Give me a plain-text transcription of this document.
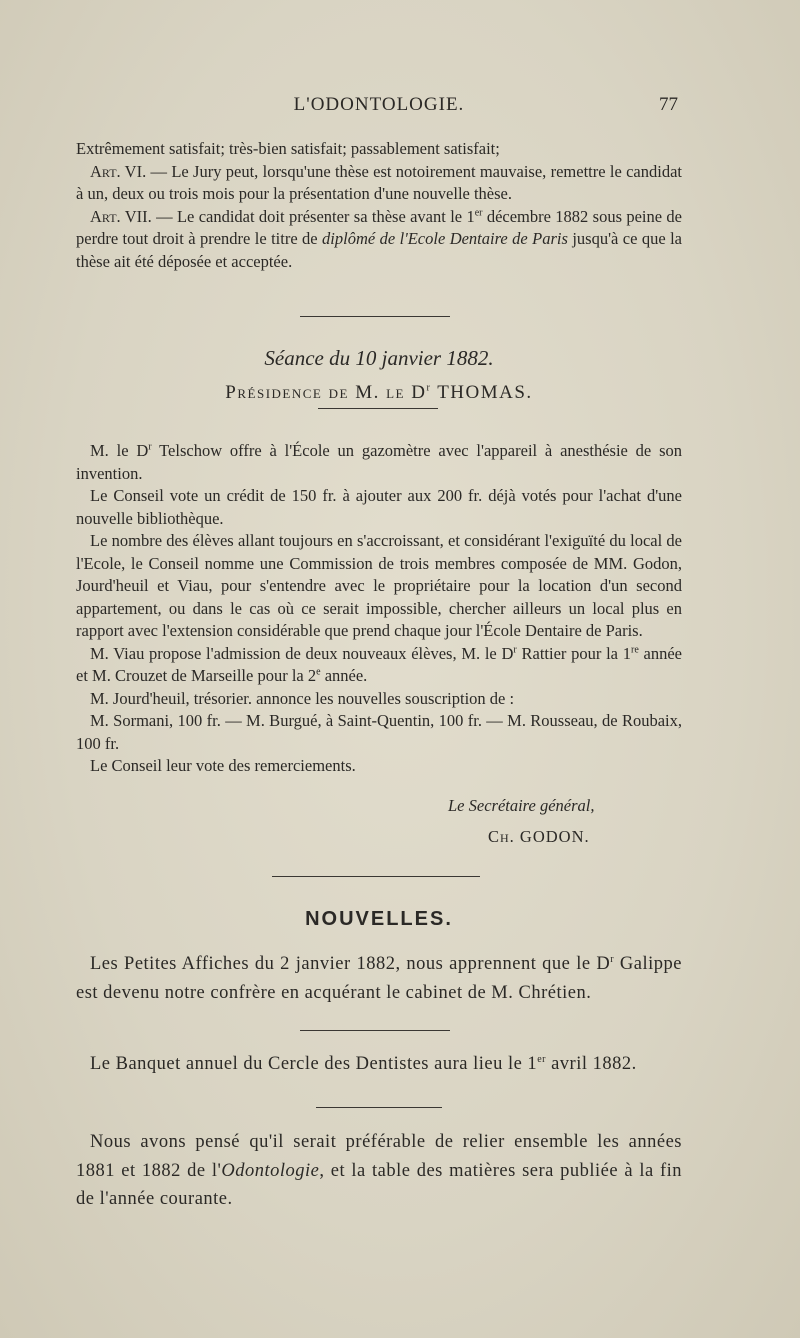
L'ODONTOLOGIE.	77

Extrêmement satisfait; très-bien satisfait; passablement satisfait;

Art. VI. — Le Jury peut, lorsqu'une thèse est notoirement mauvaise, remettre le candidat à un, deux ou trois mois pour la présentation d'une nouvelle thèse.

Art. VII. — Le candidat doit présenter sa thèse avant le 1er décembre 1882 sous peine de perdre tout droit à prendre le titre de diplômé de l'Ecole Dentaire de Paris jusqu'à ce que la thèse ait été déposée et acceptée.

Séance du 10 janvier 1882.
Présidence de M. le $D^r$ THOMAS.

M. le $D^r$ Telschow offre à l'École un gazomètre avec l'appareil à anesthésie de son invention.

Le Conseil vote un crédit de 150 fr. à ajouter aux 200 fr. déjà votés pour l'achat d'une nouvelle bibliothèque.

Le nombre des élèves allant toujours en s'accroissant, et considérant l'exiguïté du local de l'Ecole, le Conseil nomme une Commission de trois membres composée de MM. Godon, Jourd'heuil et Viau, pour s'entendre avec le propriétaire pour la location d'un second appartement, ou dans le cas où ce serait impossible, chercher ailleurs un local plus en rapport avec l'extension considérable que prend chaque jour l'École Dentaire de Paris.

M. Viau propose l'admission de deux nouveaux élèves, M. le $D^r$ Rattier pour la 1re année et M. Crouzet de Marseille pour la 2e année.

M. Jourd'heuil, trésorier. annonce les nouvelles souscription de :

M. Sormani, 100 fr. — M. Burgué, à Saint-Quentin, 100 fr. — M. Rousseau, de Roubaix, 100 fr.

Le Conseil leur vote des remerciements.

Le Secrétaire général,
Ch. GODON.
NOUVELLES.

Les Petites Affiches du 2 janvier 1882, nous apprennent que le $D^r$ Galippe est devenu notre confrère en acquérant le cabinet de M. Chrétien.

Le Banquet annuel du Cercle des Dentistes aura lieu le 1er avril 1882.

Nous avons pensé qu'il serait préférable de relier ensemble les années 1881 et 1882 de l'Odontologie, et la table des matières sera publiée à la fin de l'année courante.
